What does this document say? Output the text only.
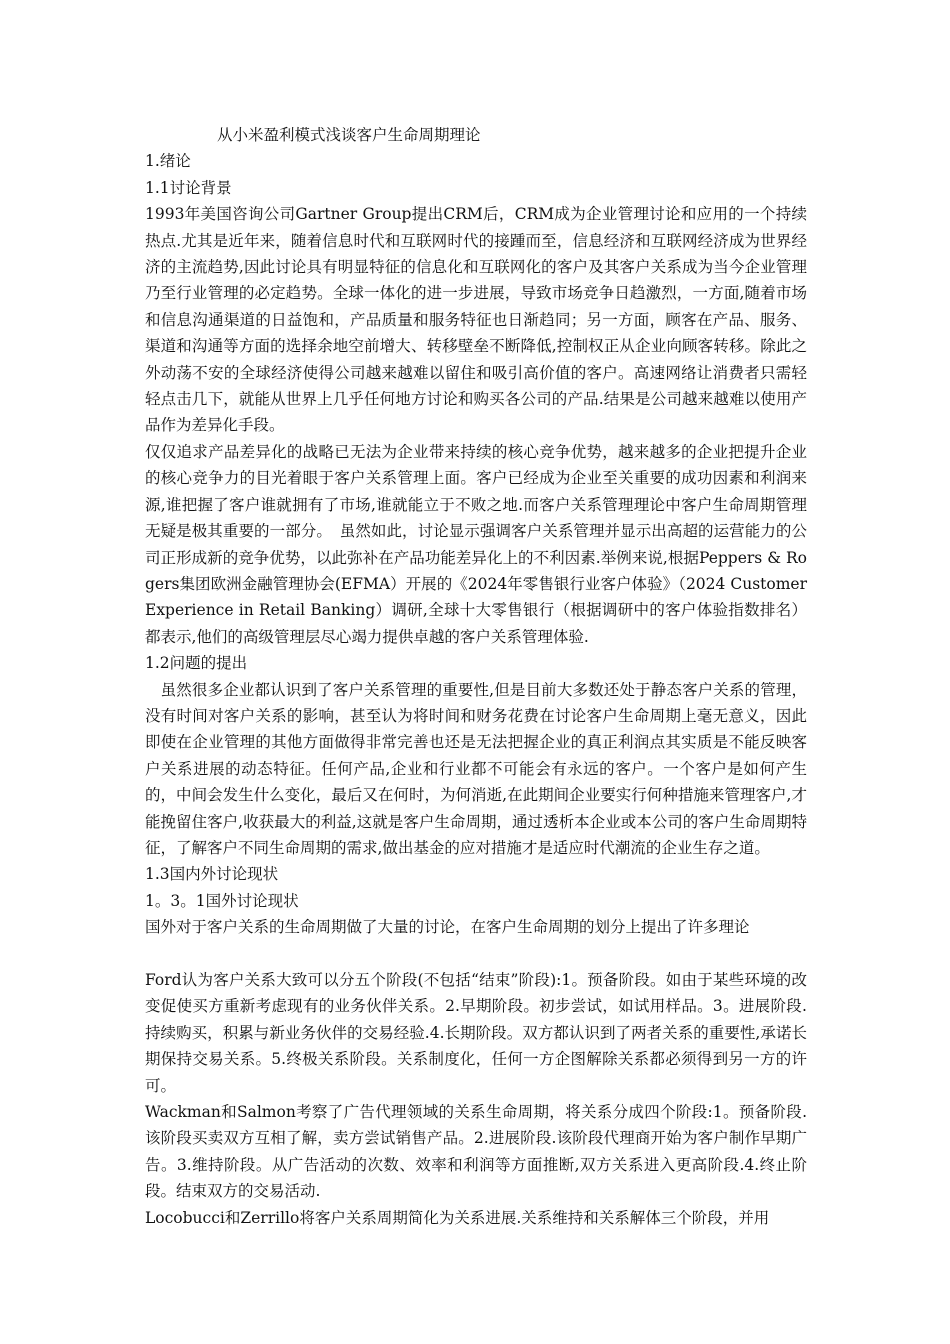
从小米盈利模式浅谈客户生命周期理论
1.绪论
1.1讨论背景

1993年美国咨询公司Gartner Group提出CRM后，CRM成为企业管理讨论和应用的一个持续热点.尤其是近年来，随着信息时代和互联网时代的接踵而至，信息经济和互联网经济成为世界经济的主流趋势,因此讨论具有明显特征的信息化和互联网化的客户及其客户关系成为当今企业管理乃至行业管理的必定趋势。全球一体化的进一步进展，导致市场竞争日趋激烈，一方面,随着市场和信息沟通渠道的日益饱和，产品质量和服务特征也日渐趋同；另一方面，顾客在产品、服务、渠道和沟通等方面的选择余地空前增大、转移壁垒不断降低,控制权正从企业向顾客转移。除此之外动荡不安的全球经济使得公司越来越难以留住和吸引高价值的客户。高速网络让消费者只需轻轻点击几下，就能从世界上几乎任何地方讨论和购买各公司的产品.结果是公司越来越难以使用产品作为差异化手段。

仅仅追求产品差异化的战略已无法为企业带来持续的核心竞争优势，越来越多的企业把提升企业的核心竞争力的目光着眼于客户关系管理上面。客户已经成为企业至关重要的成功因素和利润来源,谁把握了客户谁就拥有了市场,谁就能立于不败之地.而客户关系管理理论中客户生命周期管理无疑是极其重要的一部分。　虽然如此，讨论显示强调客户关系管理并显示出高超的运营能力的公司正形成新的竞争优势，以此弥补在产品功能差异化上的不利因素.举例来说,根据Peppers & Rogers集团欧洲金融管理协会(EFMA）开展的《2024年零售银行业客户体验》（2024 Customer Experience in Retail Banking）调研,全球十大零售银行（根据调研中的客户体验指数排名）都表示,他们的高级管理层尽心竭力提供卓越的客户关系管理体验.

1.2问题的提出

　虽然很多企业都认识到了客户关系管理的重要性,但是目前大多数还处于静态客户关系的管理，没有时间对客户关系的影响，甚至认为将时间和财务花费在讨论客户生命周期上毫无意义，因此即使在企业管理的其他方面做得非常完善也还是无法把握企业的真正利润点其实质是不能反映客户关系进展的动态特征。任何产品,企业和行业都不可能会有永远的客户。一个客户是如何产生的，中间会发生什么变化，最后又在何时，为何消逝,在此期间企业要实行何种措施来管理客户,才能挽留住客户,收获最大的利益,这就是客户生命周期，通过透析本企业或本公司的客户生命周期特征，了解客户不同生命周期的需求,做出基金的应对措施才是适应时代潮流的企业生存之道。

1.3国内外讨论现状
1。3。1国外讨论现状

国外对于客户关系的生命周期做了大量的讨论，在客户生命周期的划分上提出了许多理论

Ford认为客户关系大致可以分五个阶段(不包括“结束”阶段):1。预备阶段。如由于某些环境的改变促使买方重新考虑现有的业务伙伴关系。2.早期阶段。初步尝试，如试用样品。3。进展阶段.持续购买，积累与新业务伙伴的交易经验.4.长期阶段。双方都认识到了两者关系的重要性,承诺长期保持交易关系。5.终极关系阶段。关系制度化，任何一方企图解除关系都必须得到另一方的许可。

Wackman和Salmon考察了广告代理领域的关系生命周期，将关系分成四个阶段:1。预备阶段.该阶段买卖双方互相了解，卖方尝试销售产品。2.进展阶段.该阶段代理商开始为客户制作早期广告。3.维持阶段。从广告活动的次数、效率和利润等方面推断,双方关系进入更高阶段.4.终止阶段。结束双方的交易活动.

Locobucci和Zerrillo将客户关系周期简化为关系进展.关系维持和关系解体三个阶段，并用
